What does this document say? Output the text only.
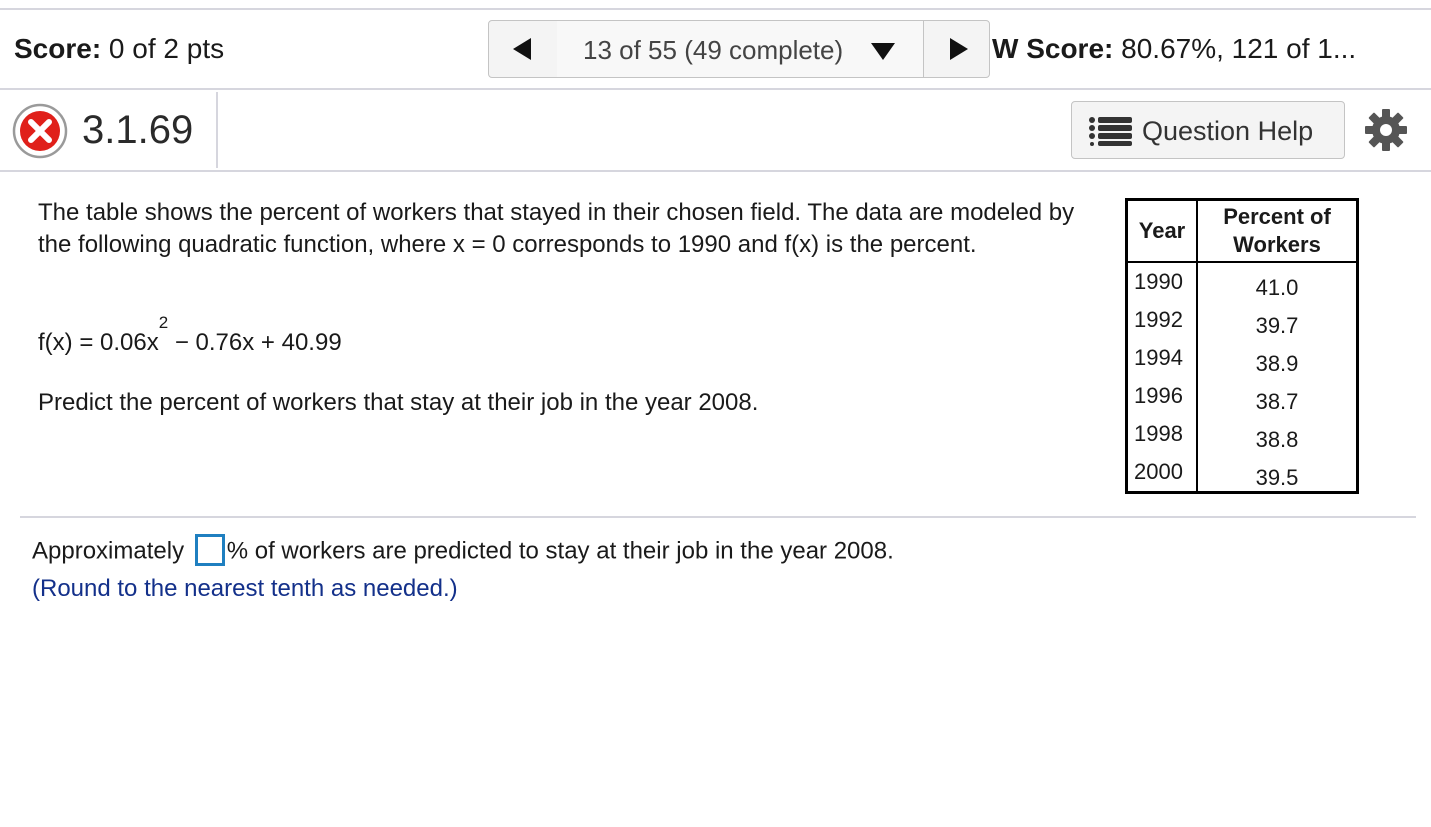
Score: 0 of 2 pts	13 of 55 (49 complete)	W Score: 80.67%, 121 of 1...
3.1.69	Question Help
The table shows the percent of workers that stayed in their chosen field. The data are modeled by the following quadratic function, where x = 0 corresponds to 1990 and f(x) is the percent.
$f(x) = 0.06x^2 - 0.76x + 40.99$
Predict the percent of workers that stay at their job in the year 2008.
Year	Percent of
Workers
1990	41.0
1992	39.7
1994	38.9
1996	38.7
1998	38.8
2000	39.5
Approximately % of workers are predicted to stay at their job in the year 2008.
(Round to the nearest tenth as needed.)
